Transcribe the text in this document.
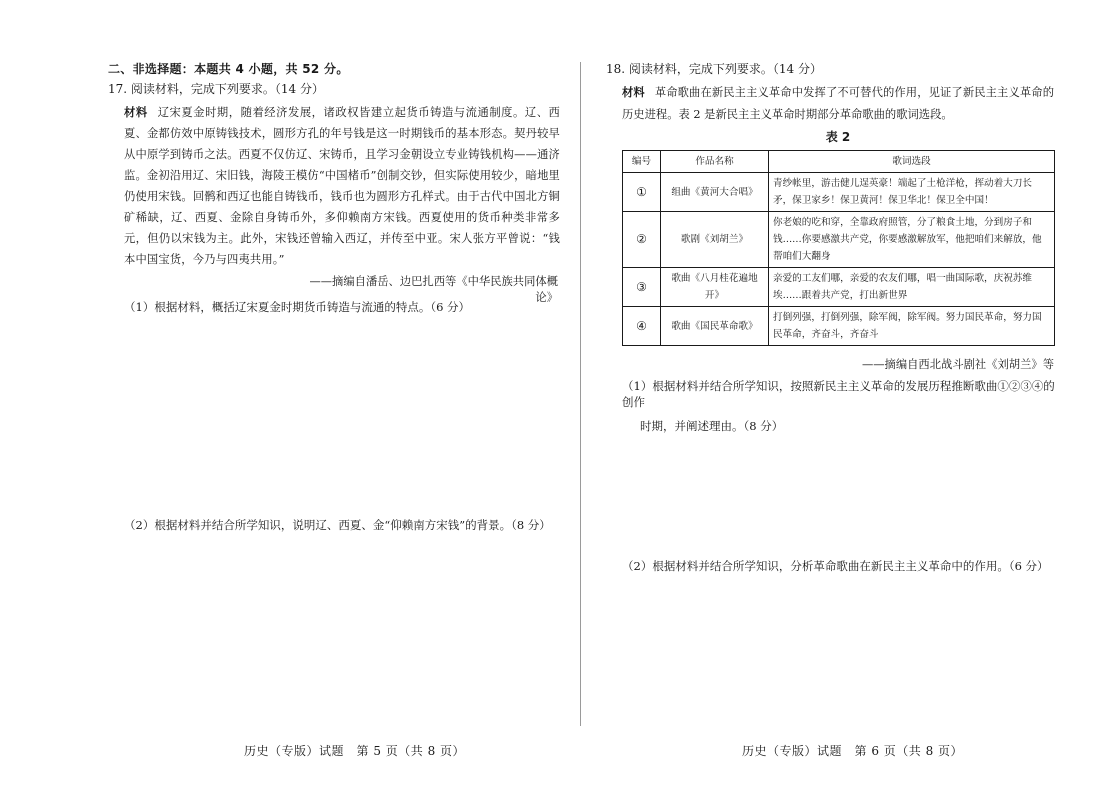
二、非选择题：本题共 4 小题，共 52 分。
17. 阅读材料，完成下列要求。（14 分）
材料 辽宋夏金时期，随着经济发展，诸政权皆建立起货币铸造与流通制度。辽、西夏、金都仿效中原铸钱技术，圆形方孔的年号钱是这一时期钱币的基本形态。契丹较早从中原学到铸币之法。西夏不仅仿辽、宋铸币，且学习金朝设立专业铸钱机构——通济监。金初沿用辽、宋旧钱，海陵王模仿“中国楮币”创制交钞，但实际使用较少，暗地里仍使用宋钱。回鹘和西辽也能自铸钱币，钱币也为圆形方孔样式。由于古代中国北方铜矿稀缺，辽、西夏、金除自身铸币外，多仰赖南方宋钱。西夏使用的货币种类非常多元，但仍以宋钱为主。此外，宋钱还曾输入西辽，并传至中亚。宋人张方平曾说：“钱本中国宝货，今乃与四夷共用。”
——摘编自潘岳、边巴扎西等《中华民族共同体概论》
（1）根据材料，概括辽宋夏金时期货币铸造与流通的特点。（6 分）
（2）根据材料并结合所学知识，说明辽、西夏、金“仰赖南方宋钱”的背景。（8 分）
历史（专版）试题　第 5 页（共 8 页）
18. 阅读材料，完成下列要求。（14 分）
材料 革命歌曲在新民主主义革命中发挥了不可替代的作用，见证了新民主主义革命的历史进程。表 2 是新民主主义革命时期部分革命歌曲的歌词选段。
表 2
编号	作品名称	歌词选段
①	组曲《黄河大合唱》	青纱帐里，游击健儿逞英豪！端起了土枪洋枪，挥动着大刀长矛，保卫家乡！保卫黄河！保卫华北！保卫全中国！
②	歌剧《刘胡兰》	你老娘的吃和穿，全靠政府照管，分了粮食土地，分到房子和钱……你要感激共产党，你要感激解放军，他把咱们来解放，他帮咱们大翻身
③	歌曲《八月桂花遍地开》	亲爱的工友们哪，亲爱的农友们哪，唱一曲国际歌，庆祝苏维埃……跟着共产党，打出新世界
④	歌曲《国民革命歌》	打倒列强，打倒列强，除军阀，除军阀。努力国民革命，努力国民革命，齐奋斗，齐奋斗
——摘编自西北战斗剧社《刘胡兰》等
（1）根据材料并结合所学知识，按照新民主主义革命的发展历程推断歌曲①②③④的创作
时期，并阐述理由。（8 分）
（2）根据材料并结合所学知识，分析革命歌曲在新民主主义革命中的作用。（6 分）
历史（专版）试题　第 6 页（共 8 页）
